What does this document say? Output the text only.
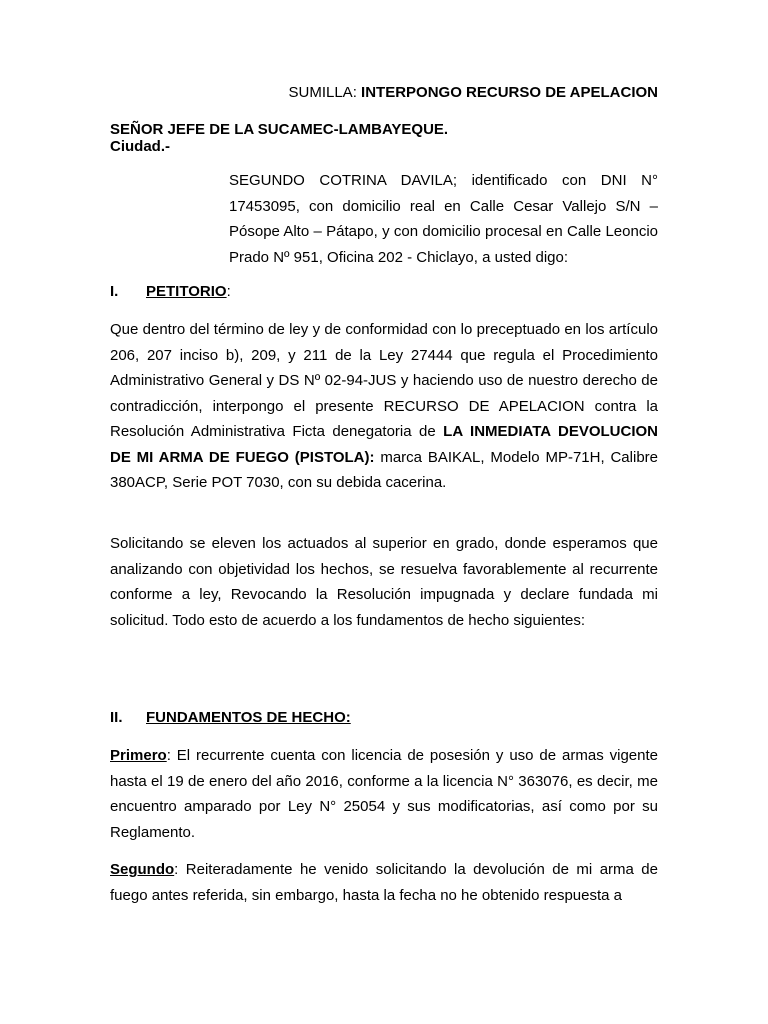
SUMILLA: INTERPONGO RECURSO DE APELACION
SEÑOR JEFE DE LA SUCAMEC-LAMBAYEQUE.
Ciudad.-
SEGUNDO COTRINA DAVILA; identificado con DNI N° 17453095, con domicilio real en Calle Cesar Vallejo S/N – Pósope Alto – Pátapo, y con domicilio procesal en Calle Leoncio Prado Nº 951, Oficina 202 - Chiclayo, a usted digo:
I. PETITORIO:
Que dentro del término de ley y de conformidad con lo preceptuado en los artículo 206, 207 inciso b), 209, y 211 de la Ley 27444 que regula el Procedimiento Administrativo General y DS Nº 02-94-JUS y haciendo uso de nuestro derecho de contradicción, interpongo el presente RECURSO DE APELACION contra la Resolución Administrativa Ficta denegatoria de LA INMEDIATA DEVOLUCION DE MI ARMA DE FUEGO (PISTOLA): marca BAIKAL, Modelo MP-71H, Calibre 380ACP, Serie POT 7030, con su debida cacerina.
Solicitando se eleven los actuados al superior en grado, donde esperamos que analizando con objetividad los hechos, se resuelva favorablemente al recurrente conforme a ley, Revocando la Resolución impugnada y declare fundada mi solicitud. Todo esto de acuerdo a los fundamentos de hecho siguientes:
II. FUNDAMENTOS DE HECHO:
Primero: El recurrente cuenta con licencia de posesión y uso de armas vigente hasta el 19 de enero del año 2016, conforme a la licencia N° 363076, es decir, me encuentro amparado por Ley N° 25054 y sus modificatorias, así como por su Reglamento.
Segundo: Reiteradamente he venido solicitando la devolución de mi arma de fuego antes referida, sin embargo, hasta la fecha no he obtenido respuesta a
